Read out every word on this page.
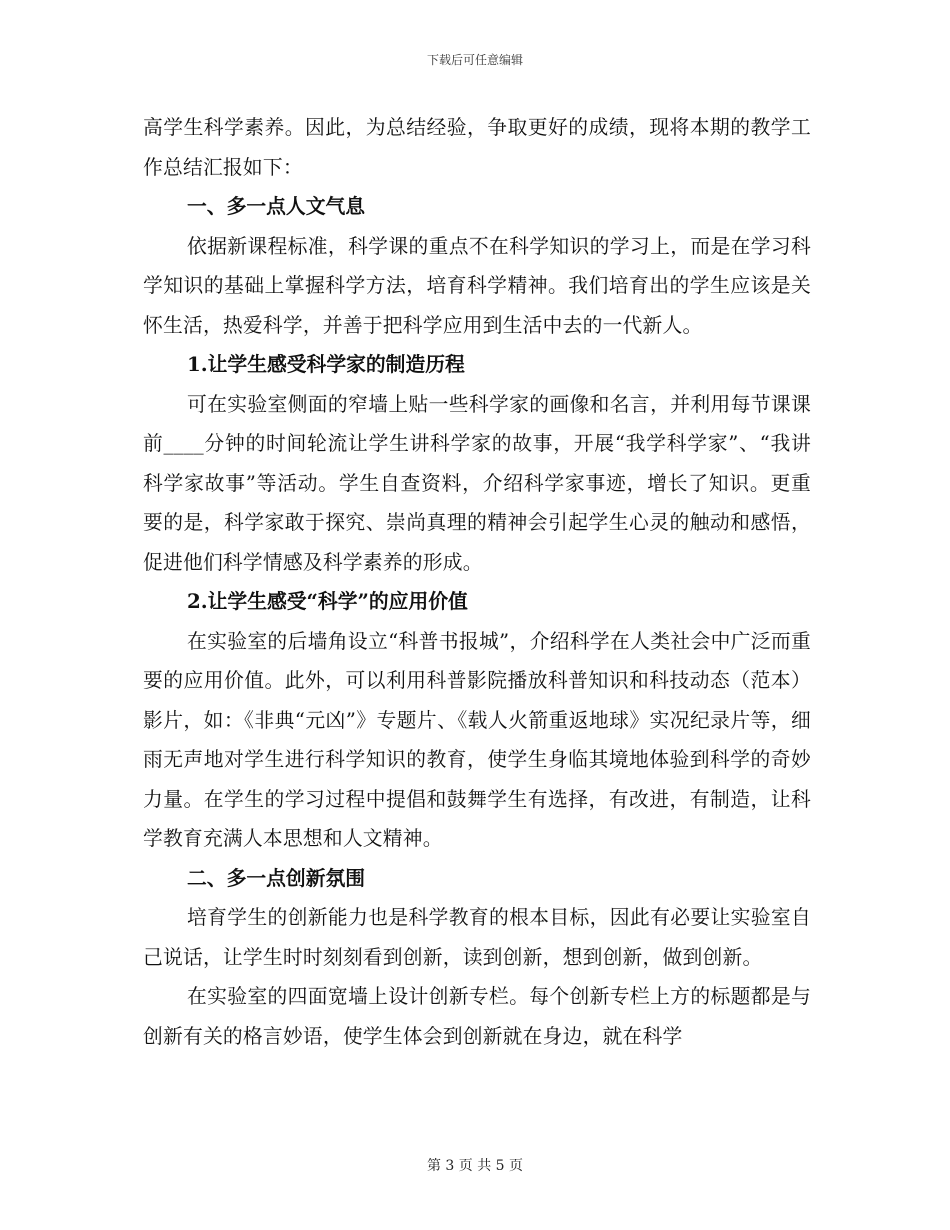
下载后可任意编辑

高学生科学素养。因此，为总结经验，争取更好的成绩，现将本期的教学工作总结汇报如下：

一、多一点人文气息

依据新课程标准，科学课的重点不在科学知识的学习上，而是在学习科学知识的基础上掌握科学方法，培育科学精神。我们培育出的学生应该是关怀生活，热爱科学，并善于把科学应用到生活中去的一代新人。

1.让学生感受科学家的制造历程

可在实验室侧面的窄墙上贴一些科学家的画像和名言，并利用每节课课前____分钟的时间轮流让学生讲科学家的故事，开展“我学科学家”、“我讲科学家故事”等活动。学生自查资料，介绍科学家事迹，增长了知识。更重要的是，科学家敢于探究、崇尚真理的精神会引起学生心灵的触动和感悟，促进他们科学情感及科学素养的形成。

2.让学生感受“科学”的应用价值

在实验室的后墙角设立“科普书报城”，介绍科学在人类社会中广泛而重要的应用价值。此外，可以利用科普影院播放科普知识和科技动态（范本）影片，如：《非典“元凶”》专题片、《载人火箭重返地球》实况纪录片等，细雨无声地对学生进行科学知识的教育，使学生身临其境地体验到科学的奇妙力量。在学生的学习过程中提倡和鼓舞学生有选择，有改进，有制造，让科学教育充满人本思想和人文精神。

二、多一点创新氛围

培育学生的创新能力也是科学教育的根本目标，因此有必要让实验室自己说话，让学生时时刻刻看到创新，读到创新，想到创新，做到创新。

在实验室的四面宽墙上设计创新专栏。每个创新专栏上方的标题都是与创新有关的格言妙语，使学生体会到创新就在身边，就在科学

第 3 页 共 5 页
